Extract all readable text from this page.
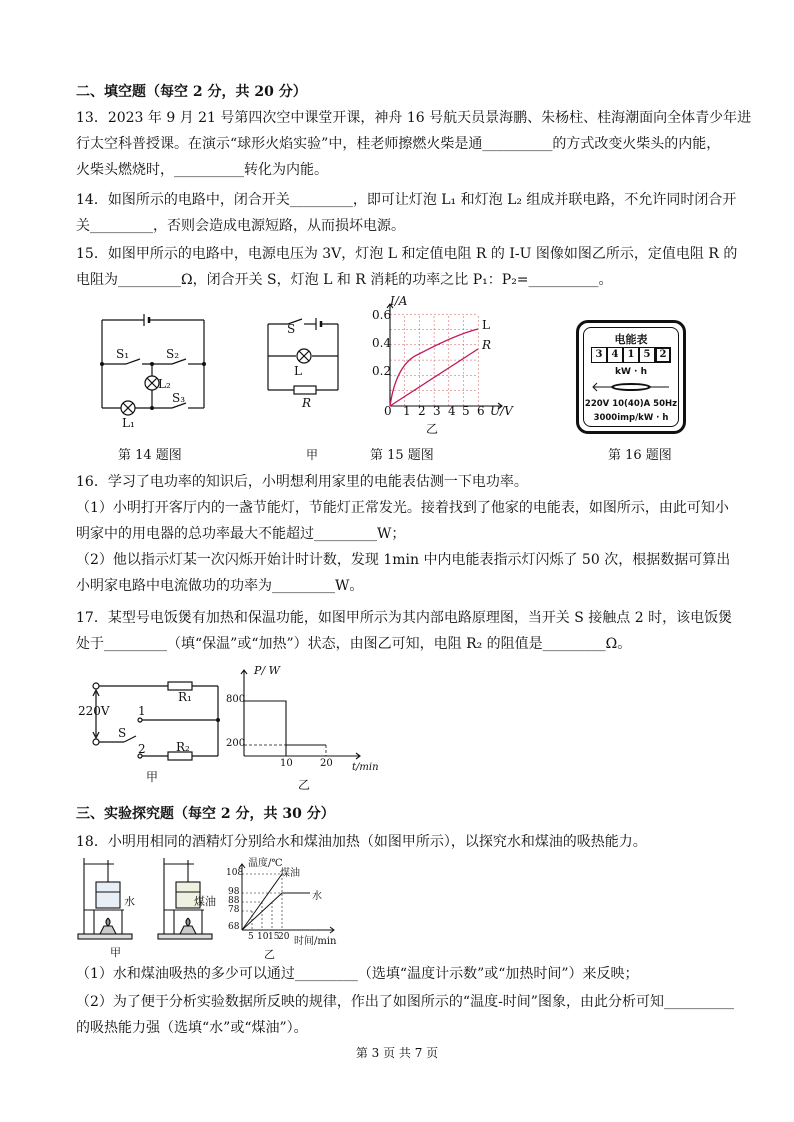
二、填空题（每空 2 分，共 20 分）
13．2023 年 9 月 21 号第四次空中课堂开课，神舟 16 号航天员景海鹏、朱杨柱、桂海潮面向全体青少年进
行太空科普授课。在演示“球形火焰实验”中，桂老师擦燃火柴是通__________的方式改变火柴头的内能，
火柴头燃烧时，__________转化为内能。
14．如图所示的电路中，闭合开关_________，即可让灯泡 L₁ 和灯泡 L₂ 组成并联电路，不允许同时闭合开
关_________，否则会造成电源短路，从而损坏电源。
15．如图甲所示的电路中，电源电压为 3V，灯泡 L 和定值电阻 R 的 I-U 图像如图乙所示，定值电阻 R 的
电阻为_________Ω，闭合开关 S，灯泡 L 和 R 消耗的功率之比 P₁：P₂=__________。
S₁	S₂
L₂
S₃
L₁
第 14 题图
S
L
R
甲
I/A
0.6
0.4
0.2
0 1 2 3 4 5 6 U/V
L
R
乙
第 15 题图
电能表
3 4 1 5 2
kW · h
220V 10(40)A 50Hz
3000imp/kW · h
第 16 题图
16．学习了电功率的知识后，小明想利用家里的电能表估测一下电功率。
（1）小明打开客厅内的一盏节能灯，节能灯正常发光。接着找到了他家的电能表，如图所示，由此可知小
明家中的用电器的总功率最大不能超过_________W；
（2）他以指示灯某一次闪烁开始计时计数，发现 1min 中内电能表指示灯闪烁了 50 次，根据数据可算出
小明家电路中电流做功的功率为_________W。
17．某型号电饭煲有加热和保温功能，如图甲所示为其内部电路原理图，当开关 S 接触点 2 时，该电饭煲
处于_________（填“保温”或“加热”）状态，由图乙可知，电阻 R₂ 的阻值是_________Ω。
R₁
220V 1
S
2	R₂
甲
P/ W
800
200
10	20 t/min
乙
三、实验探究题（每空 2 分，共 30 分）
18．小明用相同的酒精灯分别给水和煤油加热（如图甲所示），以探究水和煤油的吸热能力。
水	煤油
甲
温度/℃
煤油
108
98	水
88
78
68
5 10 15
20 时间/min
乙
（1）水和煤油吸热的多少可以通过_________（选填“温度计示数”或“加热时间”）来反映；
（2）为了便于分析实验数据所反映的规律，作出了如图所示的“温度-时间”图象，由此分析可知__________
的吸热能力强（选填“水”或“煤油”）。
第 3 页 共 7 页
